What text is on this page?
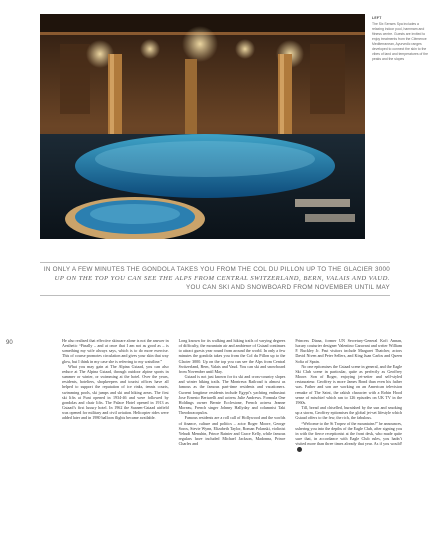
LEFT
The Six Senses Spa includes a relaxing indoor pool, hammam and fitness centre. Guests are invited to enjoy treatments from the Clémence Mediterranean, Ayurvedic ranges developed to connect the skin to the vibes of land and temperatures of the peaks and the slopes
IN ONLY A FEW MINUTES THE GONDOLA TAKES YOU FROM THE COL DU PILLON UP TO THE GLACIER 3000
UP ON THE TOP YOU CAN SEE THE ALPS FROM CENTRAL SWITZERLAND, BERN, VALAIS AND VAUD.
YOU CAN SKI AND SNOWBOARD FROM NOVEMBER UNTIL MAY
90	He also realised that effective skincare alone is not the answer in Aesthetic “Finally – and at once that I am not as good as – is something my wife always says, which is to do more exercise. This of course promotes circulation and gives your skin that way glow, but I think in my case she is referring to my waistline.”

What you may gain at The Alpina Gstaad, you can also reduce at The Alpina Gstaad, through outdoor alpine sports in summer or winter, or swimming at the hotel. Over the years, residents, hoteliers, shopkeepers and tourist offices have all helped to support the reputation of ice rinks, tennis courts, swimming pools, ski jumps and ski and hiking areas. The first ski lifts at Funi opened in 1934-46 and were followed by gondolas and chair lifts. The Palace Hotel opened in 1913 as Gstaad’s first luxury hotel. In 1962 the Saanen-Gstaad airfield was opened for military and civil aviation. Helicopter rides were added later and in 1980 balloon flights became available.

Long known for its walking and hiking trails of varying degrees of difficulty, the mountain air and ambience of Gstaad continues to attract guests year round from around the world. In only a few minutes the gondola takes you from the Col du Pillon up to the Glacier 3000. Up on the top you can see the Alps from Central Switzerland, Bern, Valais and Vaud. You can ski and snowboard from November until May.

Gstaad is not just known for its ski and cross-country slopes and winter hiking trails. The Montreux Railroad is almost as famous as the famous part-time residents and vacationers. Current longtime residents include Egypt’s yachting enthusiast Jose Ernesto Bertarelli and actress Julie Andrews. Formula One Holdings owner Bernie Ecclestone, French actress Jeanne Moreau, French singer Johnny Hallyday and columnist Taki Theodoracopulos.

Famous residents are a roll call of Hollywood and the worlds of finance, culture and politics – actor Roger Moore, George Soros, Stevie Wynn, Elizabeth Taylor, Roman Polanski, violinist Yehudi Menuhin, Prince Rainier and Grace Kelly, while famous regulars have included Michael Jackson, Madonna, Prince Charles and

Princess Diana, former UN Secretary-General Kofi Annan, luxury couturier designer Valentino Garavani and writer William F. Buckley Jr. Past visitors include Margaret Thatcher, actors David Niven and Peter Sellers, and King Juan Carlos and Queen Sofia of Spain.

No one epitomises the Gstaad scene in general, and the Eagle Ski Club scene in particular, quite as perfectly as Geoffrey Moore. Son of Roger, enjoying jet-setter and self-styled restaurateur. Geoffrey is more James Bond than even his father was. Father and son are working on an American television remake of The Saint, the rakish character with a Robin Hood sense of mischief which ran to 126 episodes on UK TV in the 1960s.

Till, bread and chiselled, burnished by the sun and smoking up a storm, Geoffrey epitomises the global jet-set lifestyle which Gstaad offers to the few, the rich, the fabulous.

“Welcome to the St Tropez of the mountains!” he announces, ushering you into the depths of the Eagle Club, after signing you in with the fierce receptionist at the front desk, who made quite sure that, in accordance with Eagle Club rules, you hadn’t visited more than three times already that year. As if you would!
